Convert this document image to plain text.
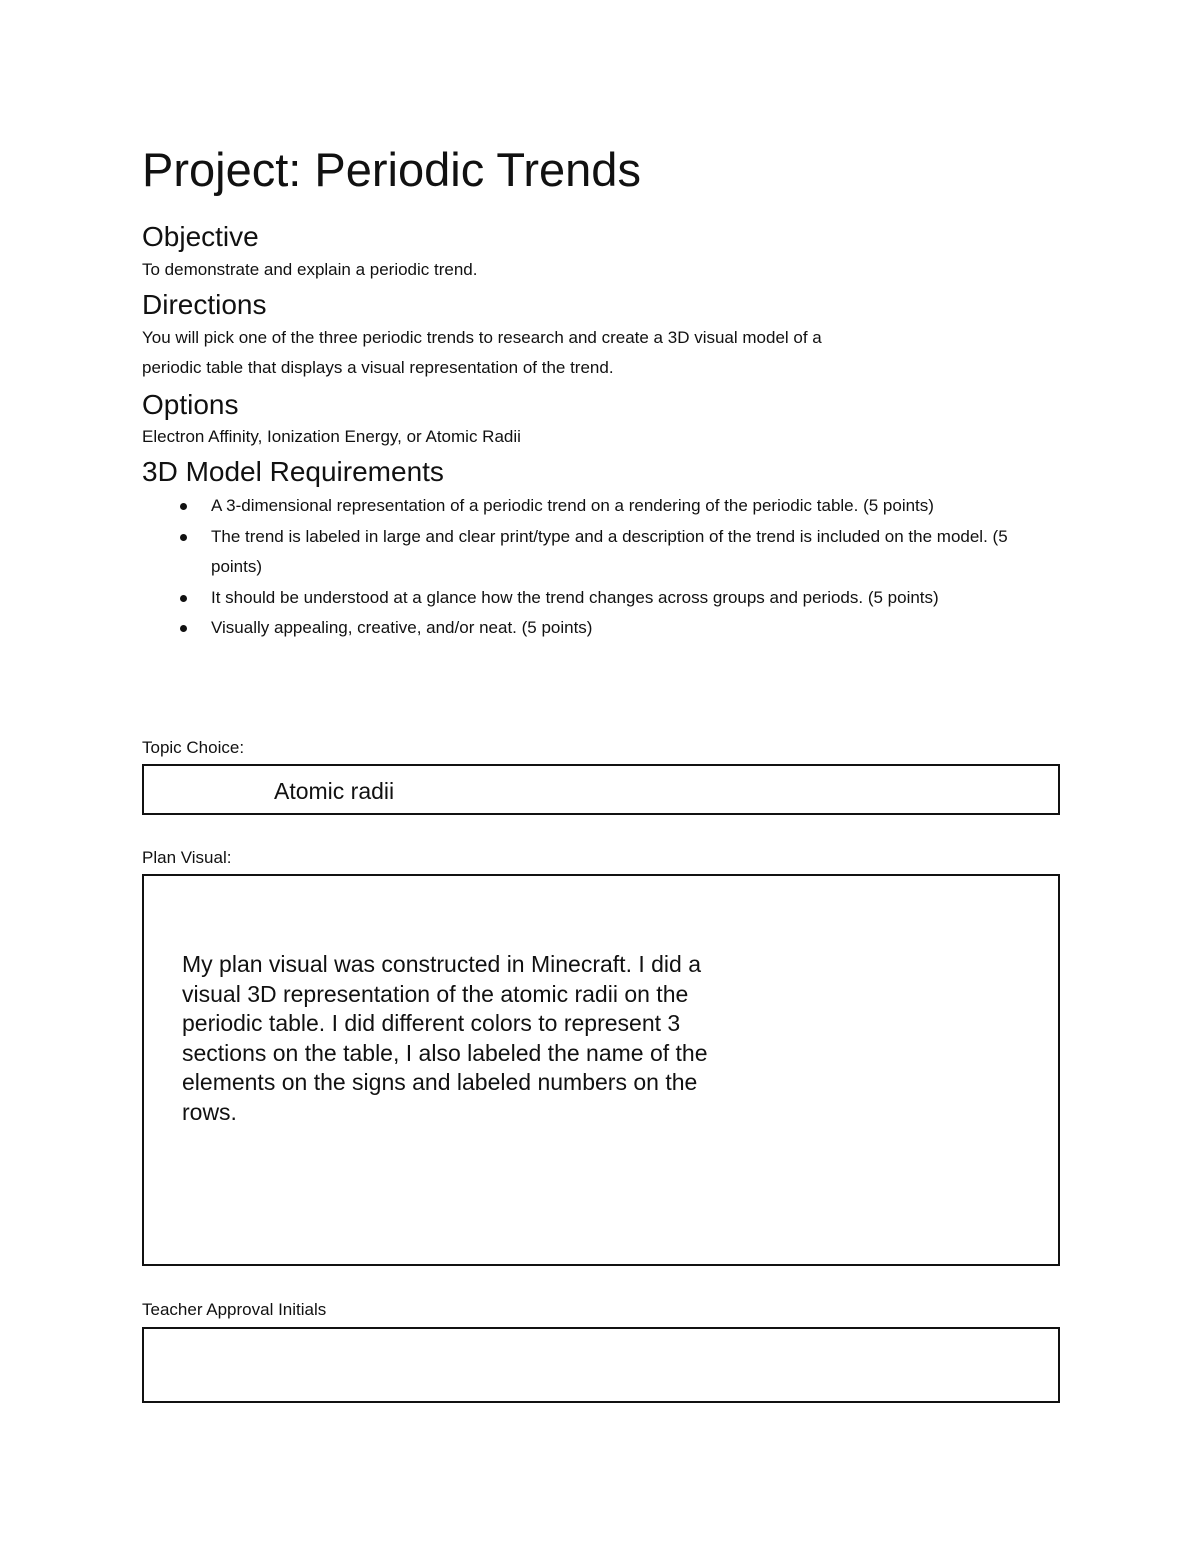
Project: Periodic Trends
Objective

To demonstrate and explain a periodic trend.

Directions

You will pick one of the three periodic trends to research and create a 3D visual model of a

periodic table that displays a visual representation of the trend.

Options

Electron Affinity, Ionization Energy, or Atomic Radii

3D Model Requirements
A 3-dimensional representation of a periodic trend on a rendering of the periodic table. (5 points)
The trend is labeled in large and clear print/type and a description of the trend is included on the model. (5 points)
It should be understood at a glance how the trend changes across groups and periods. (5 points)
Visually appealing, creative, and/or neat. (5 points)

Topic Choice:

Atomic radii

Plan Visual:

My plan visual was constructed in Minecraft. I did a visual 3D representation of the atomic radii on the periodic table. I did different colors to represent 3 sections on the table, I also labeled the name of the elements on the signs and labeled numbers on the rows.

Teacher Approval Initials
